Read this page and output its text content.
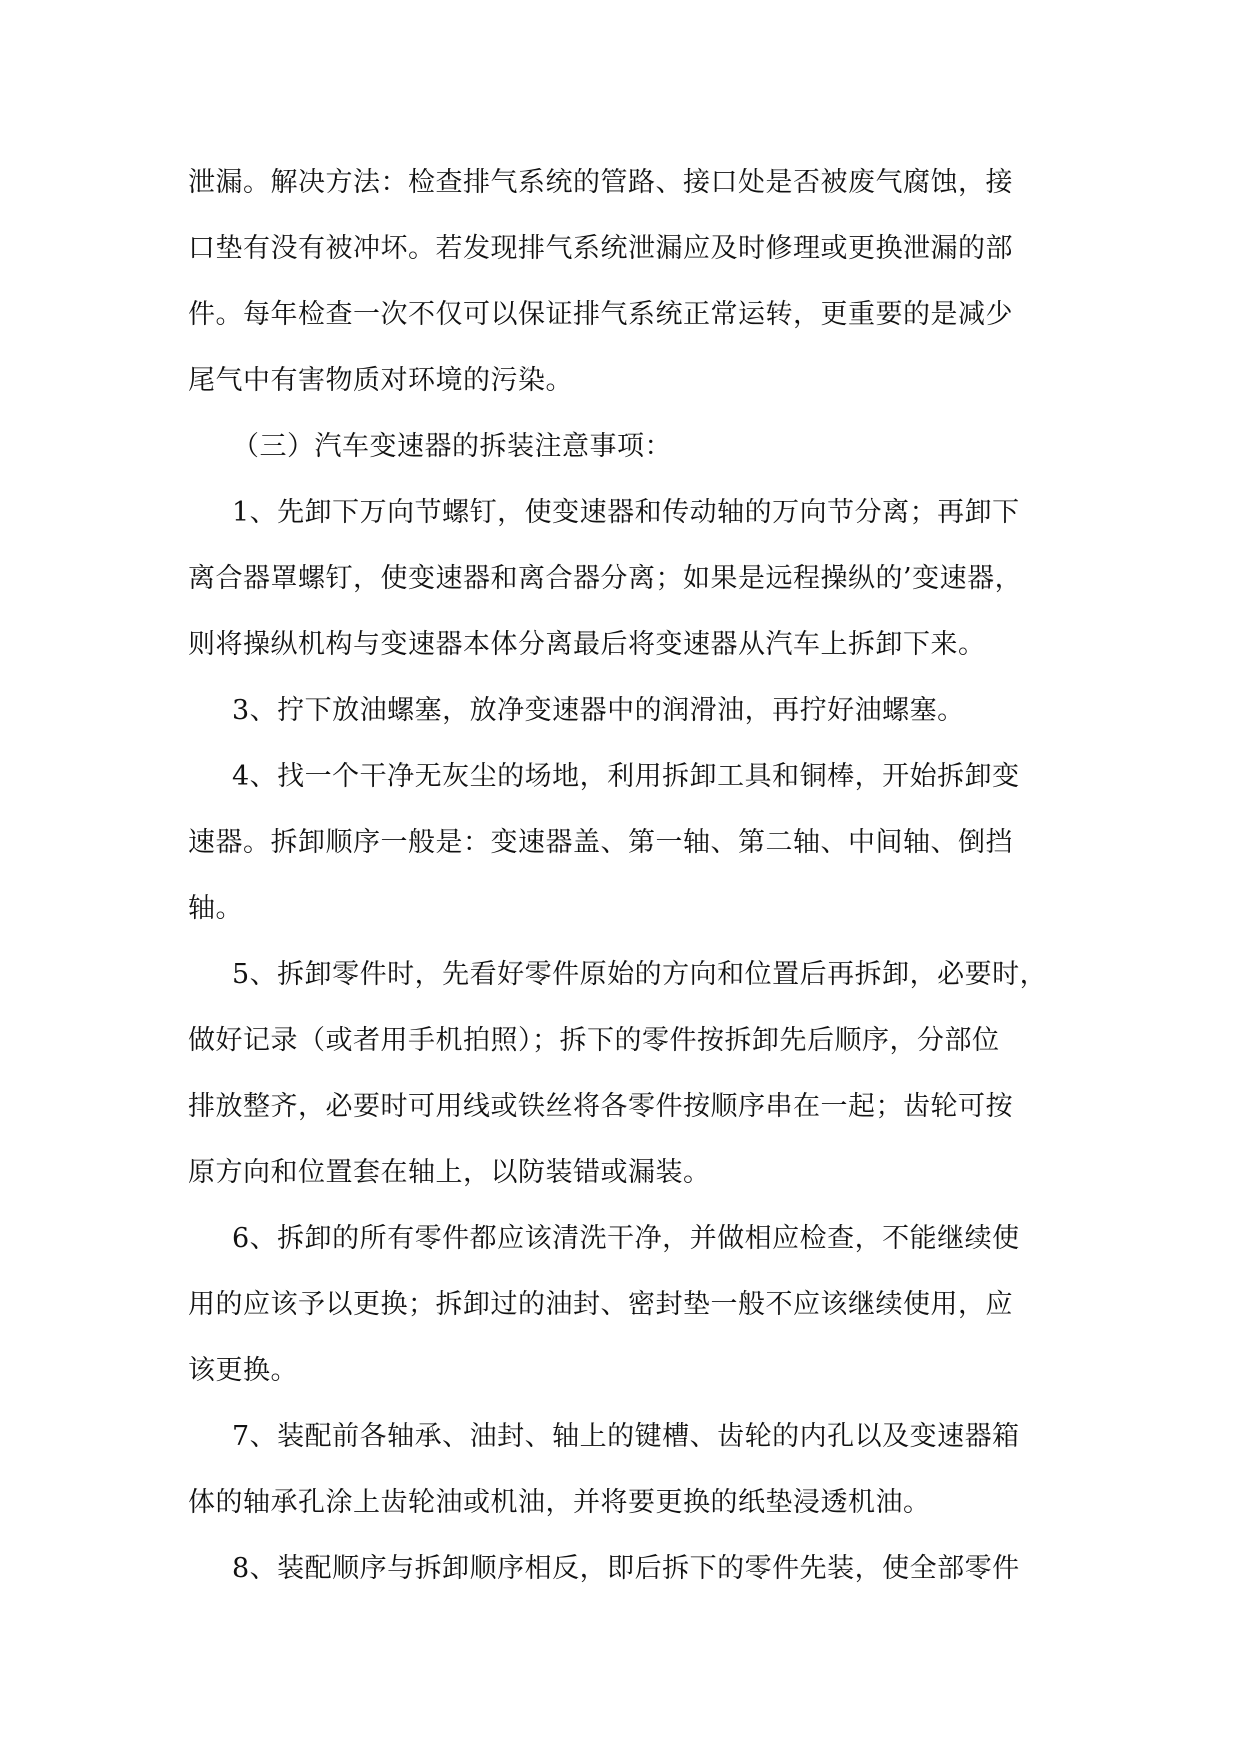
泄漏。解决方法：检查排气系统的管路、接口处是否被废气腐蚀，接
口垫有没有被冲坏。若发现排气系统泄漏应及时修理或更换泄漏的部
件。每年检查一次不仅可以保证排气系统正常运转，更重要的是减少
尾气中有害物质对环境的污染。
（三）汽车变速器的拆装注意事项：
1、先卸下万向节螺钉，使变速器和传动轴的万向节分离；再卸下
离合器罩螺钉，使变速器和离合器分离；如果是远程操纵的’变速器，
则将操纵机构与变速器本体分离最后将变速器从汽车上拆卸下来。
3、拧下放油螺塞，放净变速器中的润滑油，再拧好油螺塞。
4、找一个干净无灰尘的场地，利用拆卸工具和铜棒，开始拆卸变
速器。拆卸顺序一般是：变速器盖、第一轴、第二轴、中间轴、倒挡
轴。
5、拆卸零件时，先看好零件原始的方向和位置后再拆卸，必要时，
做好记录（或者用手机拍照）；拆下的零件按拆卸先后顺序，分部位
排放整齐，必要时可用线或铁丝将各零件按顺序串在一起；齿轮可按
原方向和位置套在轴上，以防装错或漏装。
6、拆卸的所有零件都应该清洗干净，并做相应检查，不能继续使
用的应该予以更换；拆卸过的油封、密封垫一般不应该继续使用，应
该更换。
7、装配前各轴承、油封、轴上的键槽、齿轮的内孔以及变速器箱
体的轴承孔涂上齿轮油或机油，并将要更换的纸垫浸透机油。
8、装配顺序与拆卸顺序相反，即后拆下的零件先装，使全部零件
